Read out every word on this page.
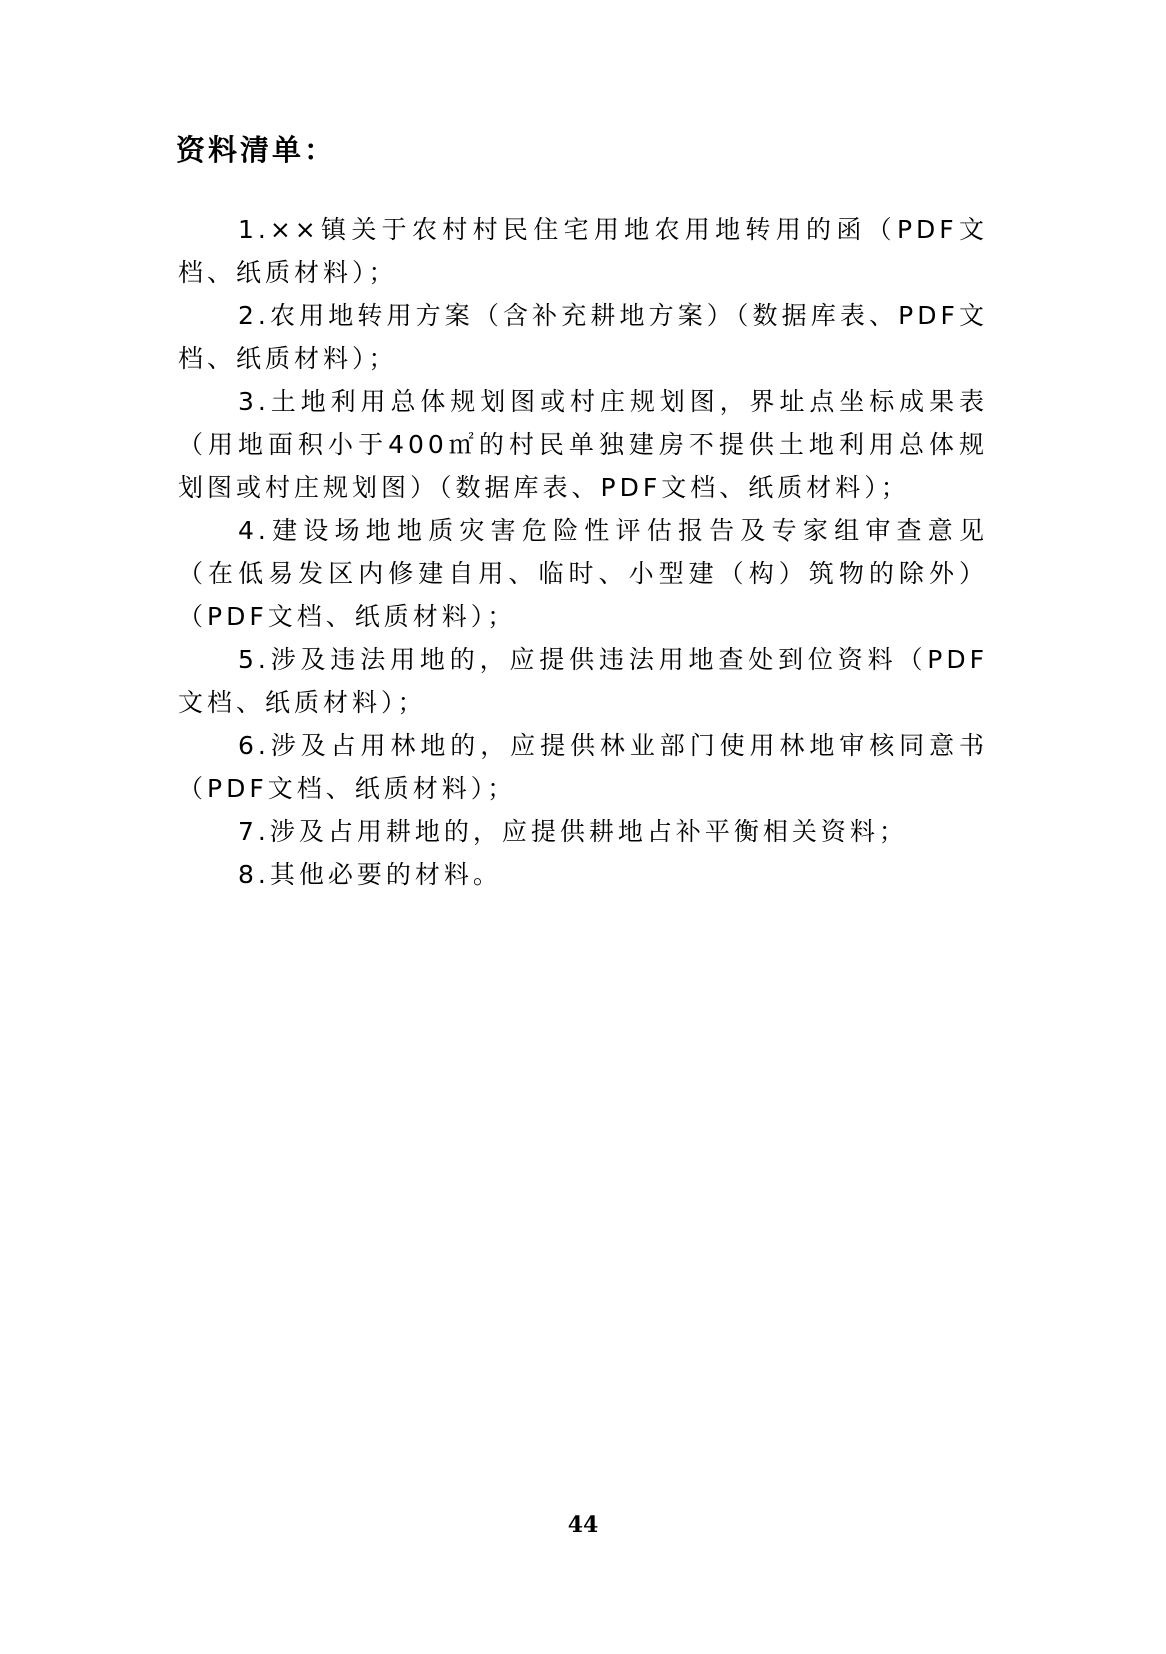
资料清单：

1.××镇关于农村村民住宅用地农用地转用的函（PDF文档、纸质材料）；

2.农用地转用方案（含补充耕地方案）（数据库表、PDF文档、纸质材料）；

3.土地利用总体规划图或村庄规划图，界址点坐标成果表（用地面积小于400㎡的村民单独建房不提供土地利用总体规划图或村庄规划图）（数据库表、PDF文档、纸质材料）；

4.建设场地地质灾害危险性评估报告及专家组审查意见（在低易发区内修建自用、临时、小型建（构）筑物的除外）（PDF文档、纸质材料）；

5.涉及违法用地的，应提供违法用地查处到位资料（PDF文档、纸质材料）；

6.涉及占用林地的，应提供林业部门使用林地审核同意书（PDF文档、纸质材料）；

7.涉及占用耕地的，应提供耕地占补平衡相关资料；

8.其他必要的材料。

44
